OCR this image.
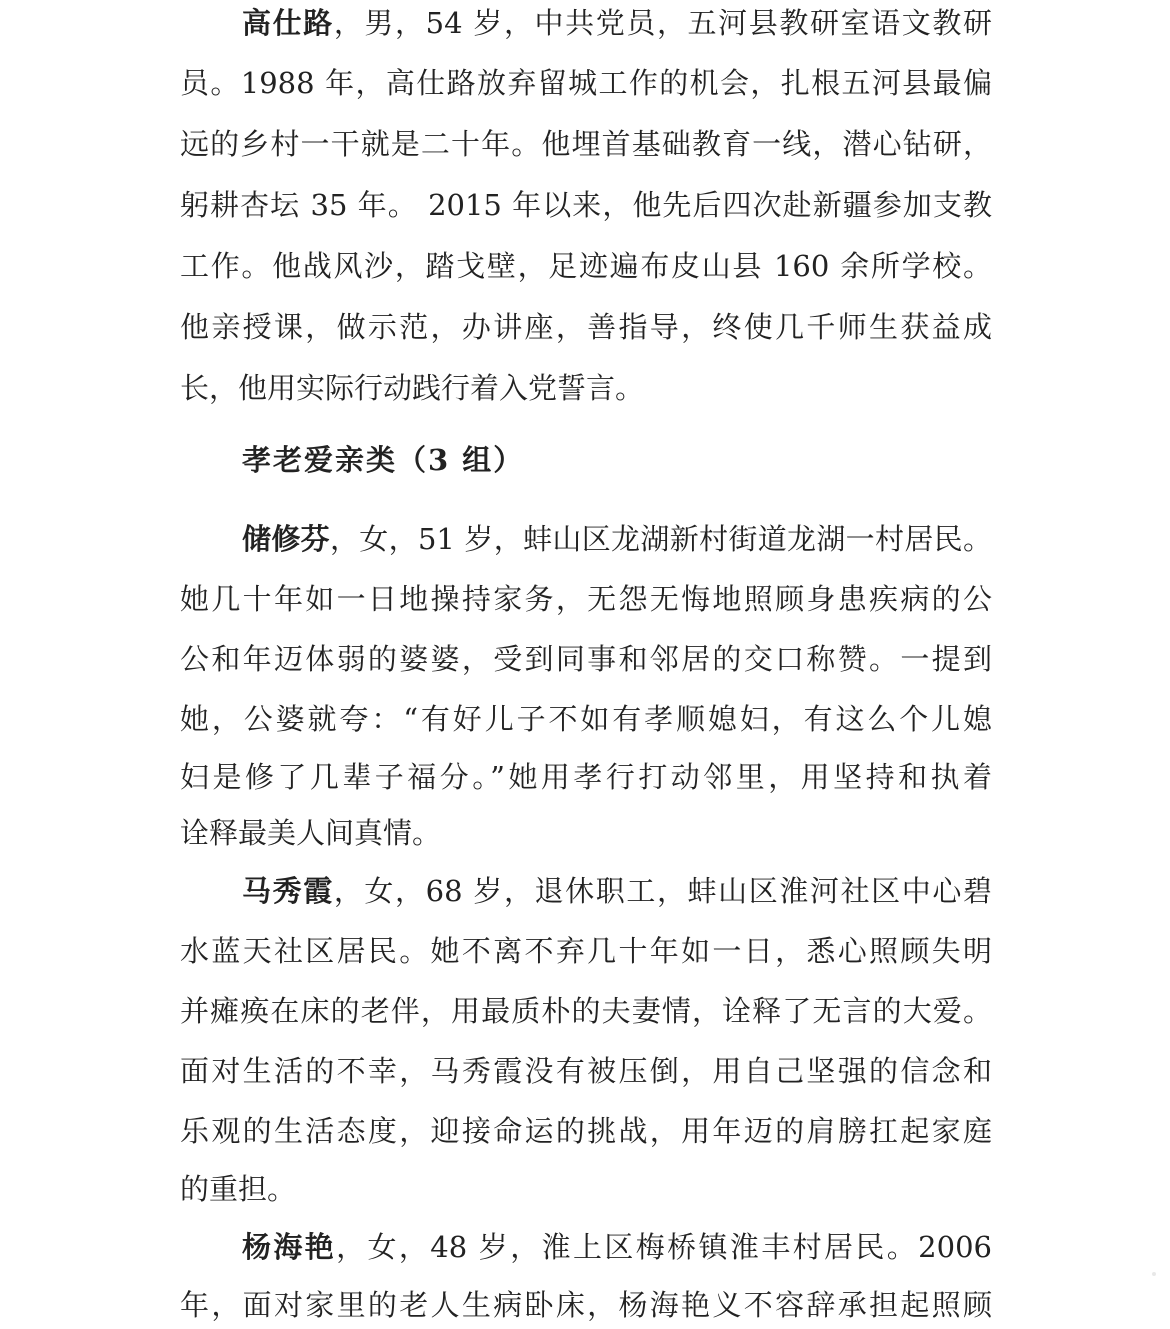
高仕路，男，54 岁，中共党员，五河县教研室语文教研
员。1988 年，高仕路放弃留城工作的机会，扎根五河县最偏
远的乡村一干就是二十年。他埋首基础教育一线，潜心钻研，
躬耕杏坛 35 年。 2015 年以来，他先后四次赴新疆参加支教
工作。他战风沙，踏戈壁，足迹遍布皮山县 160 余所学校。
他亲授课，做示范，办讲座，善指导，终使几千师生获益成
长，他用实际行动践行着入党誓言。
孝老爱亲类（3 组）
储修芬，女，51 岁，蚌山区龙湖新村街道龙湖一村居民。
她几十年如一日地操持家务，无怨无悔地照顾身患疾病的公
公和年迈体弱的婆婆，受到同事和邻居的交口称赞。一提到
她，公婆就夸：“有好儿子不如有孝顺媳妇，有这么个儿媳
妇是修了几辈子福分。”她用孝行打动邻里，用坚持和执着
诠释最美人间真情。
马秀霞，女，68 岁，退休职工，蚌山区淮河社区中心碧
水蓝天社区居民。她不离不弃几十年如一日，悉心照顾失明
并瘫痪在床的老伴，用最质朴的夫妻情，诠释了无言的大爱。
面对生活的不幸，马秀霞没有被压倒，用自己坚强的信念和
乐观的生活态度，迎接命运的挑战，用年迈的肩膀扛起家庭
的重担。
杨海艳，女，48 岁，淮上区梅桥镇淮丰村居民。2006
年，面对家里的老人生病卧床，杨海艳义不容辞承担起照顾
